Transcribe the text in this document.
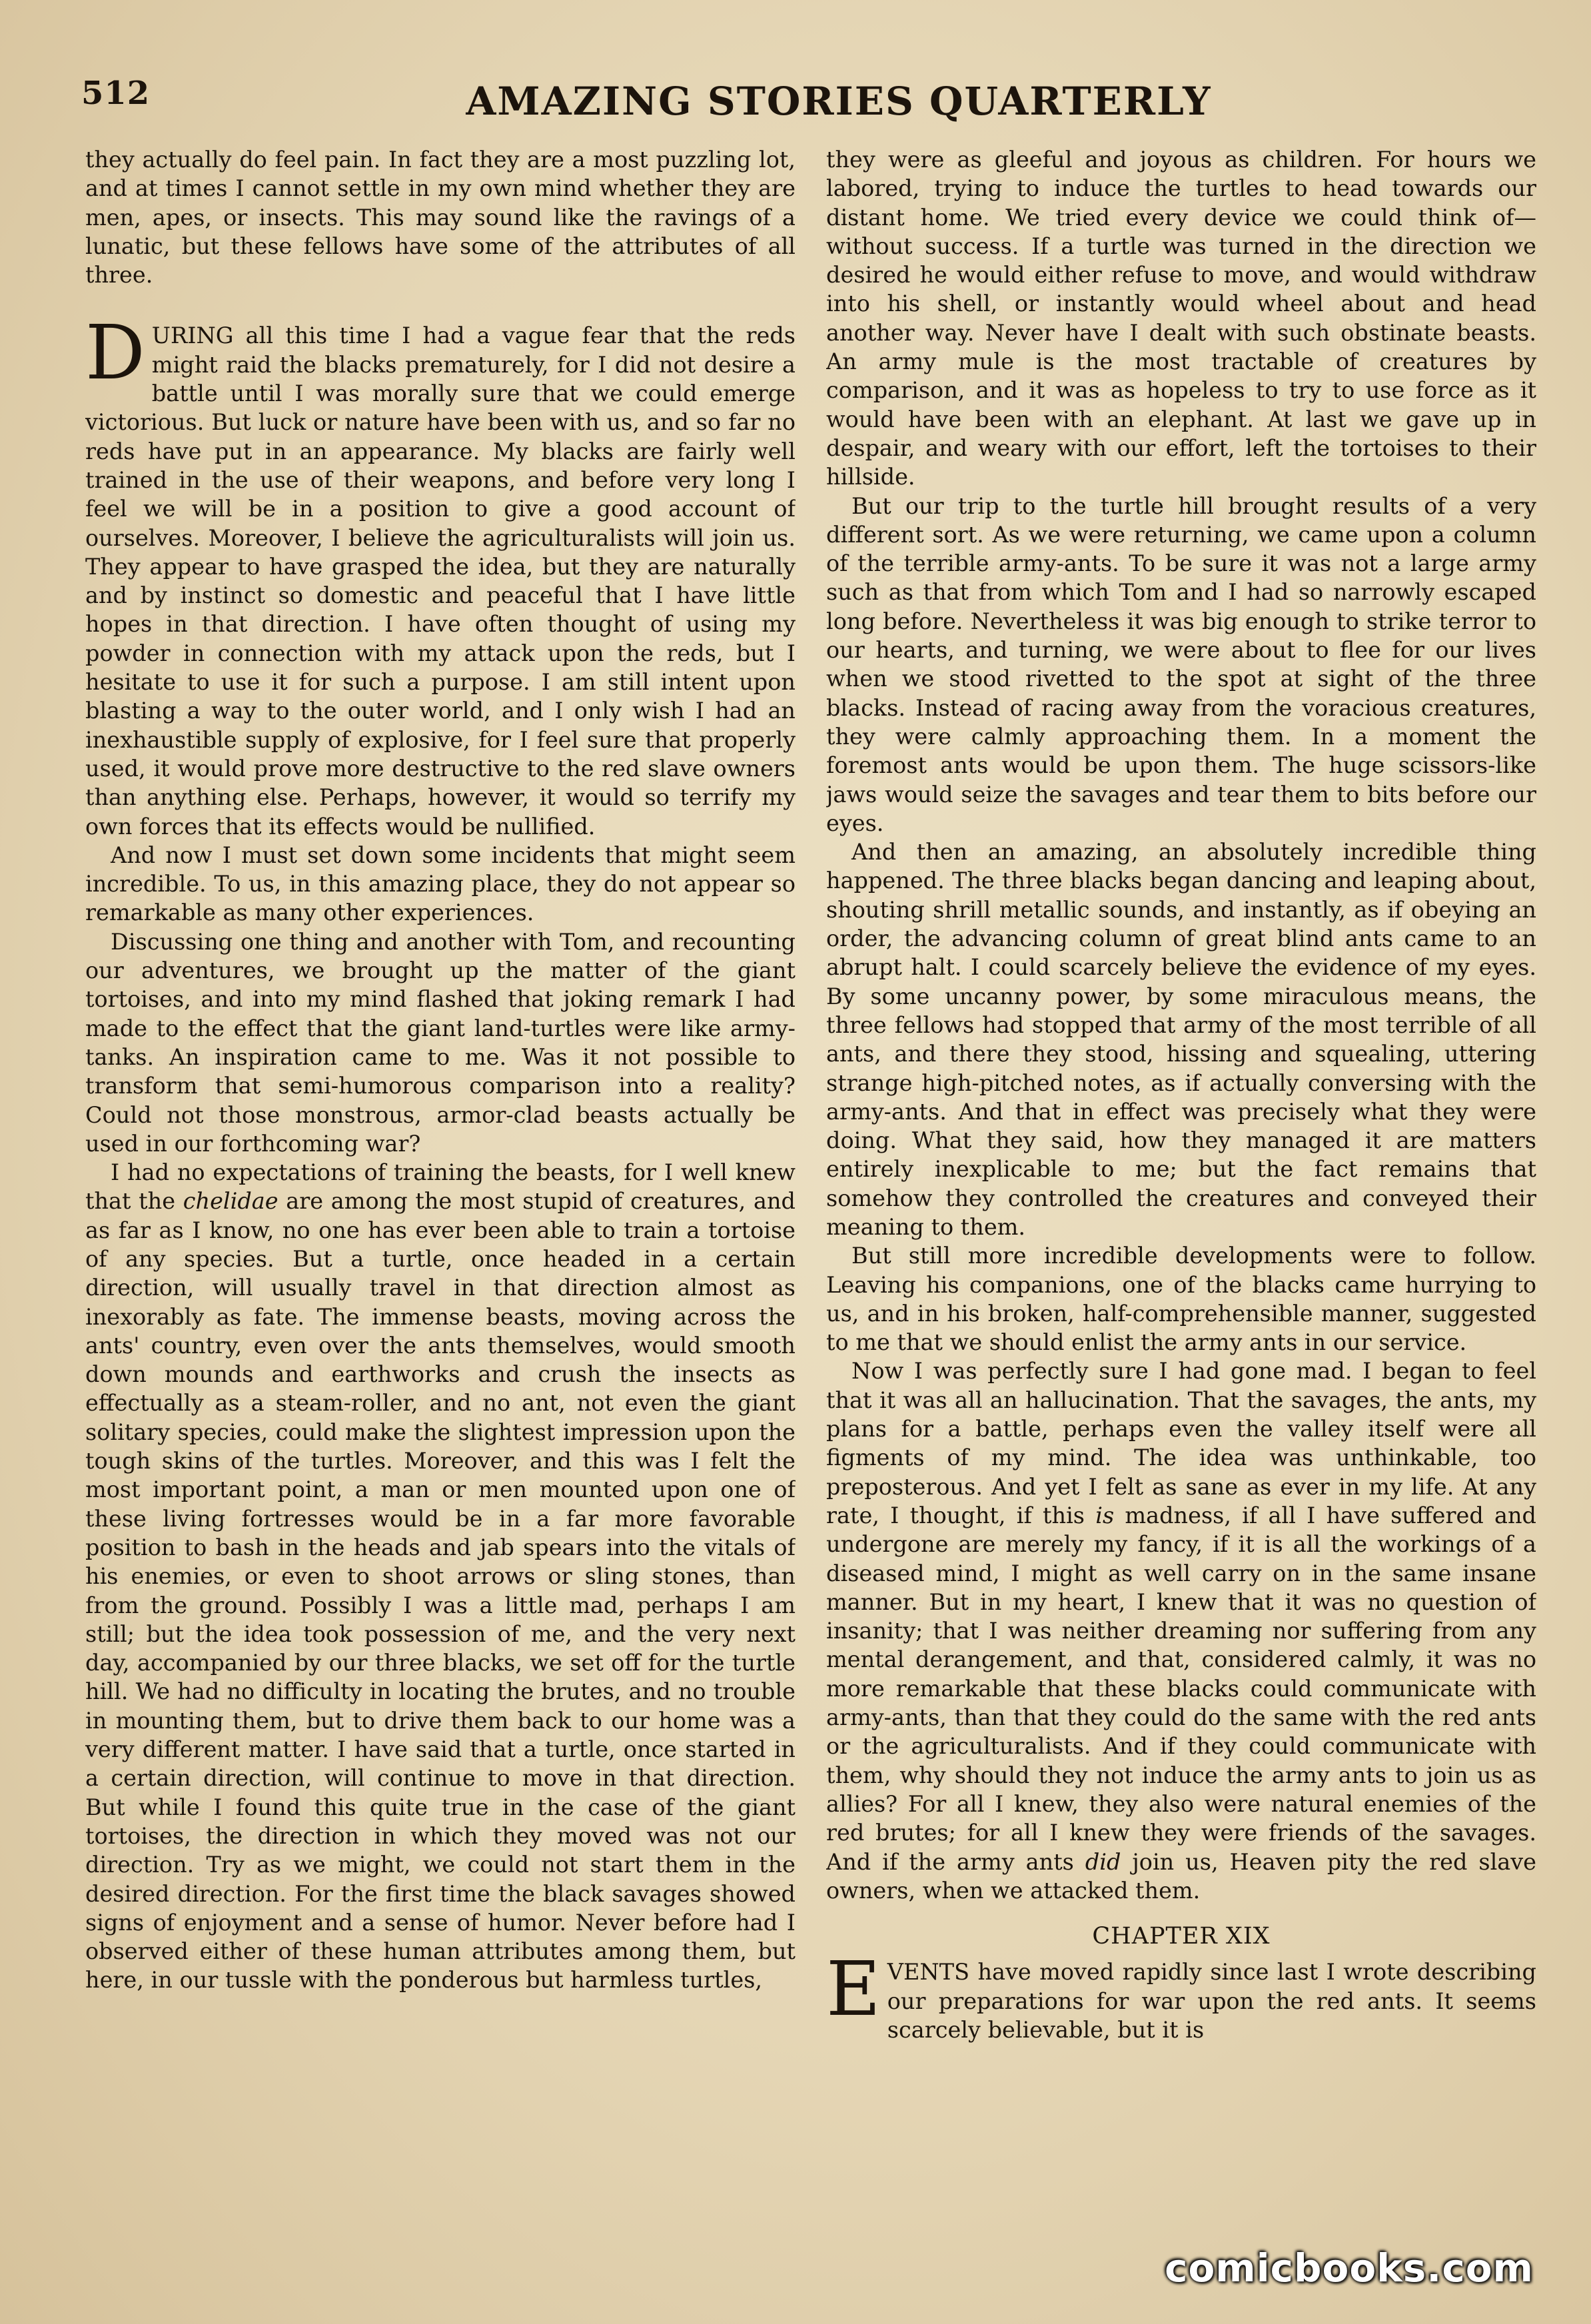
512	AMAZING STORIES QUARTERLY

they actually do feel pain. In fact they are a most puzzling lot, and at times I cannot settle in my own mind whether they are men, apes, or insects. This may sound like the ravings of a lunatic, but these fellows have some of the attributes of all three.

DURING all this time I had a vague fear that the reds might raid the blacks prematurely, for I did not desire a battle until I was morally sure that we could emerge victorious. But luck or nature have been with us, and so far no reds have put in an appearance. My blacks are fairly well trained in the use of their weapons, and before very long I feel we will be in a position to give a good account of ourselves. Moreover, I believe the agriculturalists will join us. They appear to have grasped the idea, but they are naturally and by instinct so domestic and peaceful that I have little hopes in that direction. I have often thought of using my powder in connection with my attack upon the reds, but I hesitate to use it for such a purpose. I am still intent upon blasting a way to the outer world, and I only wish I had an inexhaustible supply of explosive, for I feel sure that properly used, it would prove more destructive to the red slave owners than anything else. Perhaps, however, it would so terrify my own forces that its effects would be nullified.

And now I must set down some incidents that might seem incredible. To us, in this amazing place, they do not appear so remarkable as many other experiences.

Discussing one thing and another with Tom, and recounting our adventures, we brought up the matter of the giant tortoises, and into my mind flashed that joking remark I had made to the effect that the giant land-turtles were like army-tanks. An inspiration came to me. Was it not possible to transform that semi-humorous comparison into a reality? Could not those monstrous, armor-clad beasts actually be used in our forthcoming war?

I had no expectations of training the beasts, for I well knew that the chelidae are among the most stupid of creatures, and as far as I know, no one has ever been able to train a tortoise of any species. But a turtle, once headed in a certain direction, will usually travel in that direction almost as inexorably as fate. The immense beasts, moving across the ants' country, even over the ants themselves, would smooth down mounds and earthworks and crush the insects as effectually as a steam-roller, and no ant, not even the giant solitary species, could make the slightest impression upon the tough skins of the turtles. Moreover, and this was I felt the most important point, a man or men mounted upon one of these living fortresses would be in a far more favorable position to bash in the heads and jab spears into the vitals of his enemies, or even to shoot arrows or sling stones, than from the ground. Possibly I was a little mad, perhaps I am still; but the idea took possession of me, and the very next day, accompanied by our three blacks, we set off for the turtle hill. We had no difficulty in locating the brutes, and no trouble in mounting them, but to drive them back to our home was a very different matter. I have said that a turtle, once started in a certain direction, will continue to move in that direction. But while I found this quite true in the case of the giant tortoises, the direction in which they moved was not our direction. Try as we might, we could not start them in the desired direction. For the first time the black savages showed signs of enjoyment and a sense of humor. Never before had I observed either of these human attributes among them, but here, in our tussle with the ponderous but harmless turtles,

they were as gleeful and joyous as children. For hours we labored, trying to induce the turtles to head towards our distant home. We tried every device we could think of—without success. If a turtle was turned in the direction we desired he would either refuse to move, and would withdraw into his shell, or instantly would wheel about and head another way. Never have I dealt with such obstinate beasts. An army mule is the most tractable of creatures by comparison, and it was as hopeless to try to use force as it would have been with an elephant. At last we gave up in despair, and weary with our effort, left the tortoises to their hillside.

But our trip to the turtle hill brought results of a very different sort. As we were returning, we came upon a column of the terrible army-ants. To be sure it was not a large army such as that from which Tom and I had so narrowly escaped long before. Nevertheless it was big enough to strike terror to our hearts, and turning, we were about to flee for our lives when we stood rivetted to the spot at sight of the three blacks. Instead of racing away from the voracious creatures, they were calmly approaching them. In a moment the foremost ants would be upon them. The huge scissors-like jaws would seize the savages and tear them to bits before our eyes.

And then an amazing, an absolutely incredible thing happened. The three blacks began dancing and leaping about, shouting shrill metallic sounds, and instantly, as if obeying an order, the advancing column of great blind ants came to an abrupt halt. I could scarcely believe the evidence of my eyes. By some uncanny power, by some miraculous means, the three fellows had stopped that army of the most terrible of all ants, and there they stood, hissing and squealing, uttering strange high-pitched notes, as if actually conversing with the army-ants. And that in effect was precisely what they were doing. What they said, how they managed it are matters entirely inexplicable to me; but the fact remains that somehow they controlled the creatures and conveyed their meaning to them.

But still more incredible developments were to follow. Leaving his companions, one of the blacks came hurrying to us, and in his broken, half-comprehensible manner, suggested to me that we should enlist the army ants in our service.

Now I was perfectly sure I had gone mad. I began to feel that it was all an hallucination. That the savages, the ants, my plans for a battle, perhaps even the valley itself were all figments of my mind. The idea was unthinkable, too preposterous. And yet I felt as sane as ever in my life. At any rate, I thought, if this is madness, if all I have suffered and undergone are merely my fancy, if it is all the workings of a diseased mind, I might as well carry on in the same insane manner. But in my heart, I knew that it was no question of insanity; that I was neither dreaming nor suffering from any mental derangement, and that, considered calmly, it was no more remarkable that these blacks could communicate with army-ants, than that they could do the same with the red ants or the agriculturalists. And if they could communicate with them, why should they not induce the army ants to join us as allies? For all I knew, they also were natural enemies of the red brutes; for all I knew they were friends of the savages. And if the army ants did join us, Heaven pity the red slave owners, when we attacked them.

CHAPTER XIX

EVENTS have moved rapidly since last I wrote describing our preparations for war upon the red ants. It seems scarcely believable, but it is

comicbooks.com
